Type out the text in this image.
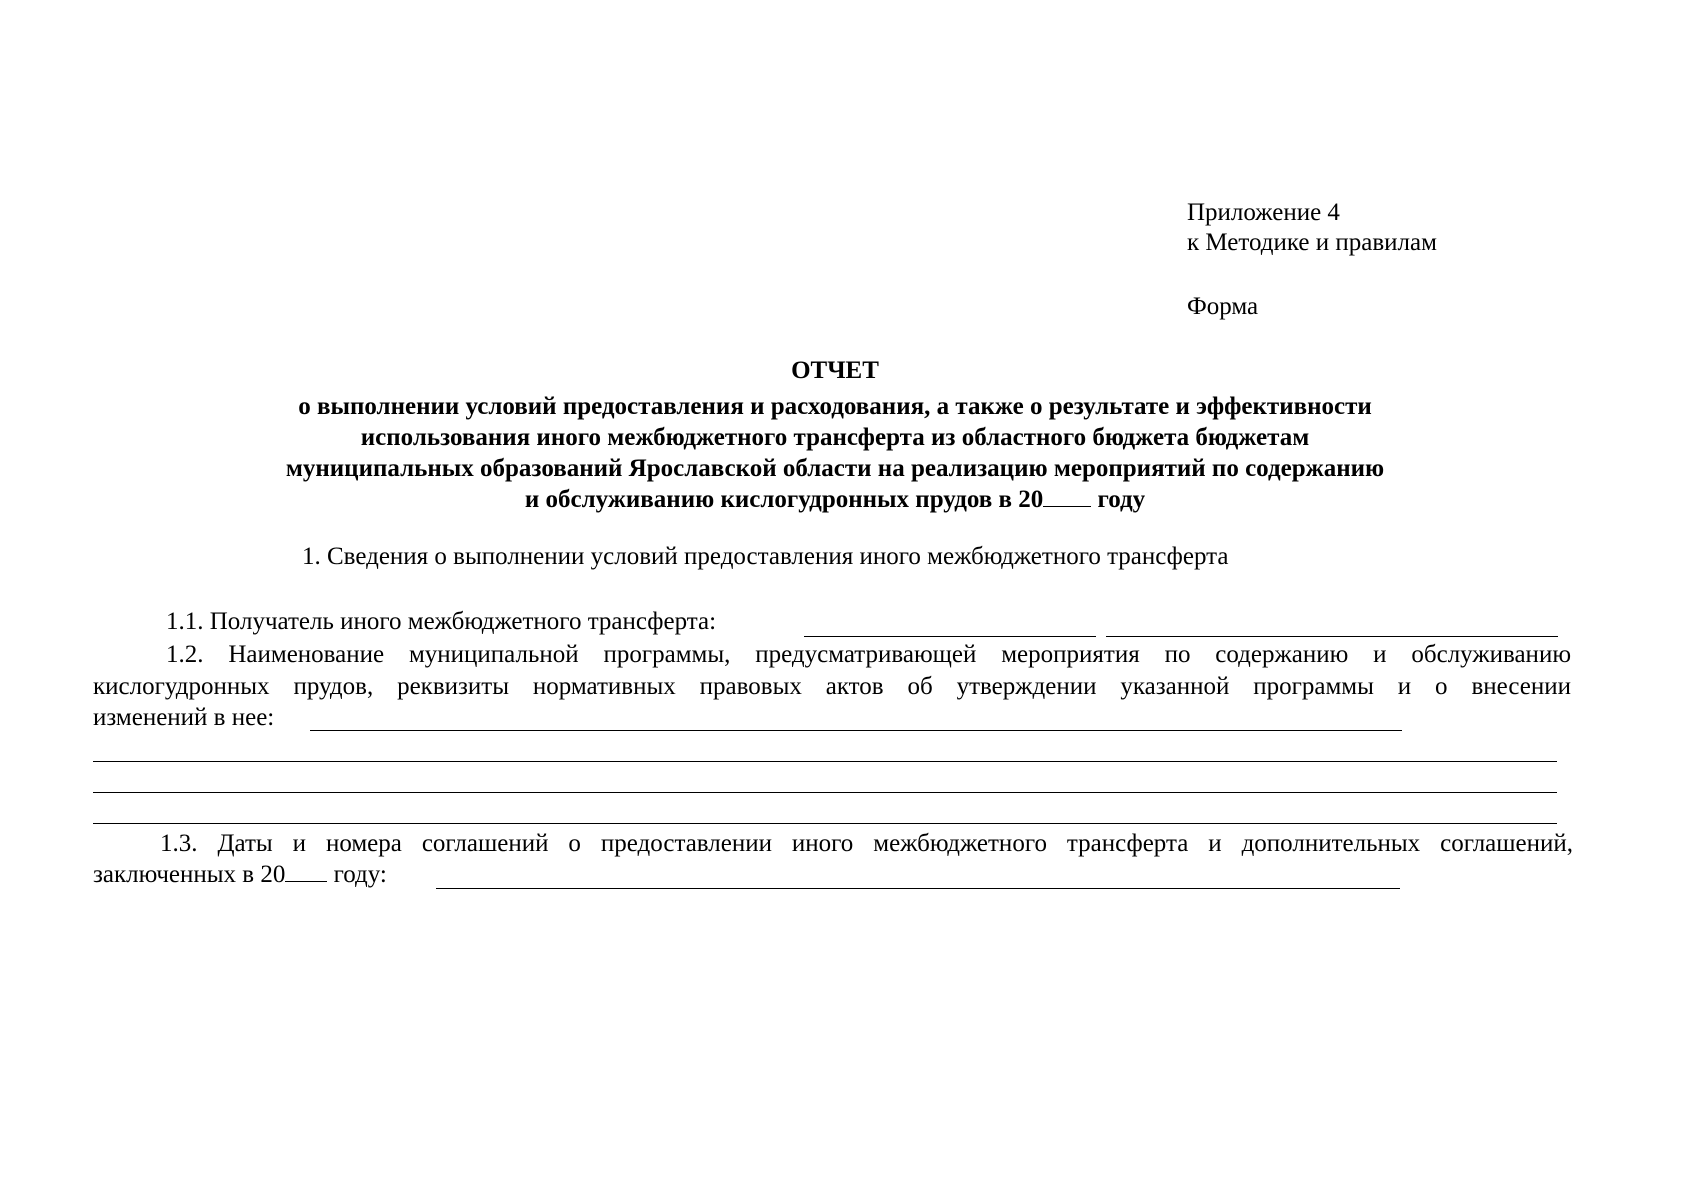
Приложение 4
к Методике и правилам
Форма
ОТЧЕТ
о выполнении условий предоставления и расходования, а также о результате и эффективности
использования иного межбюджетного трансферта из областного бюджета бюджетам
муниципальных образований Ярославской области на реализацию мероприятий по содержанию
и обслуживанию кислогудронных прудов в 20 году
1. Сведения о выполнении условий предоставления иного межбюджетного трансферта
1.1. Получатель иного межбюджетного трансферта:
1.2. Наименование муниципальной программы, предусматривающей мероприятия по содержанию и обслуживанию
кислогудронных прудов, реквизиты нормативных правовых актов об утверждении указанной программы и о внесении
изменений в нее:
1.3. Даты и номера соглашений о предоставлении иного межбюджетного трансферта и дополнительных соглашений,
заключенных в 20 году:
